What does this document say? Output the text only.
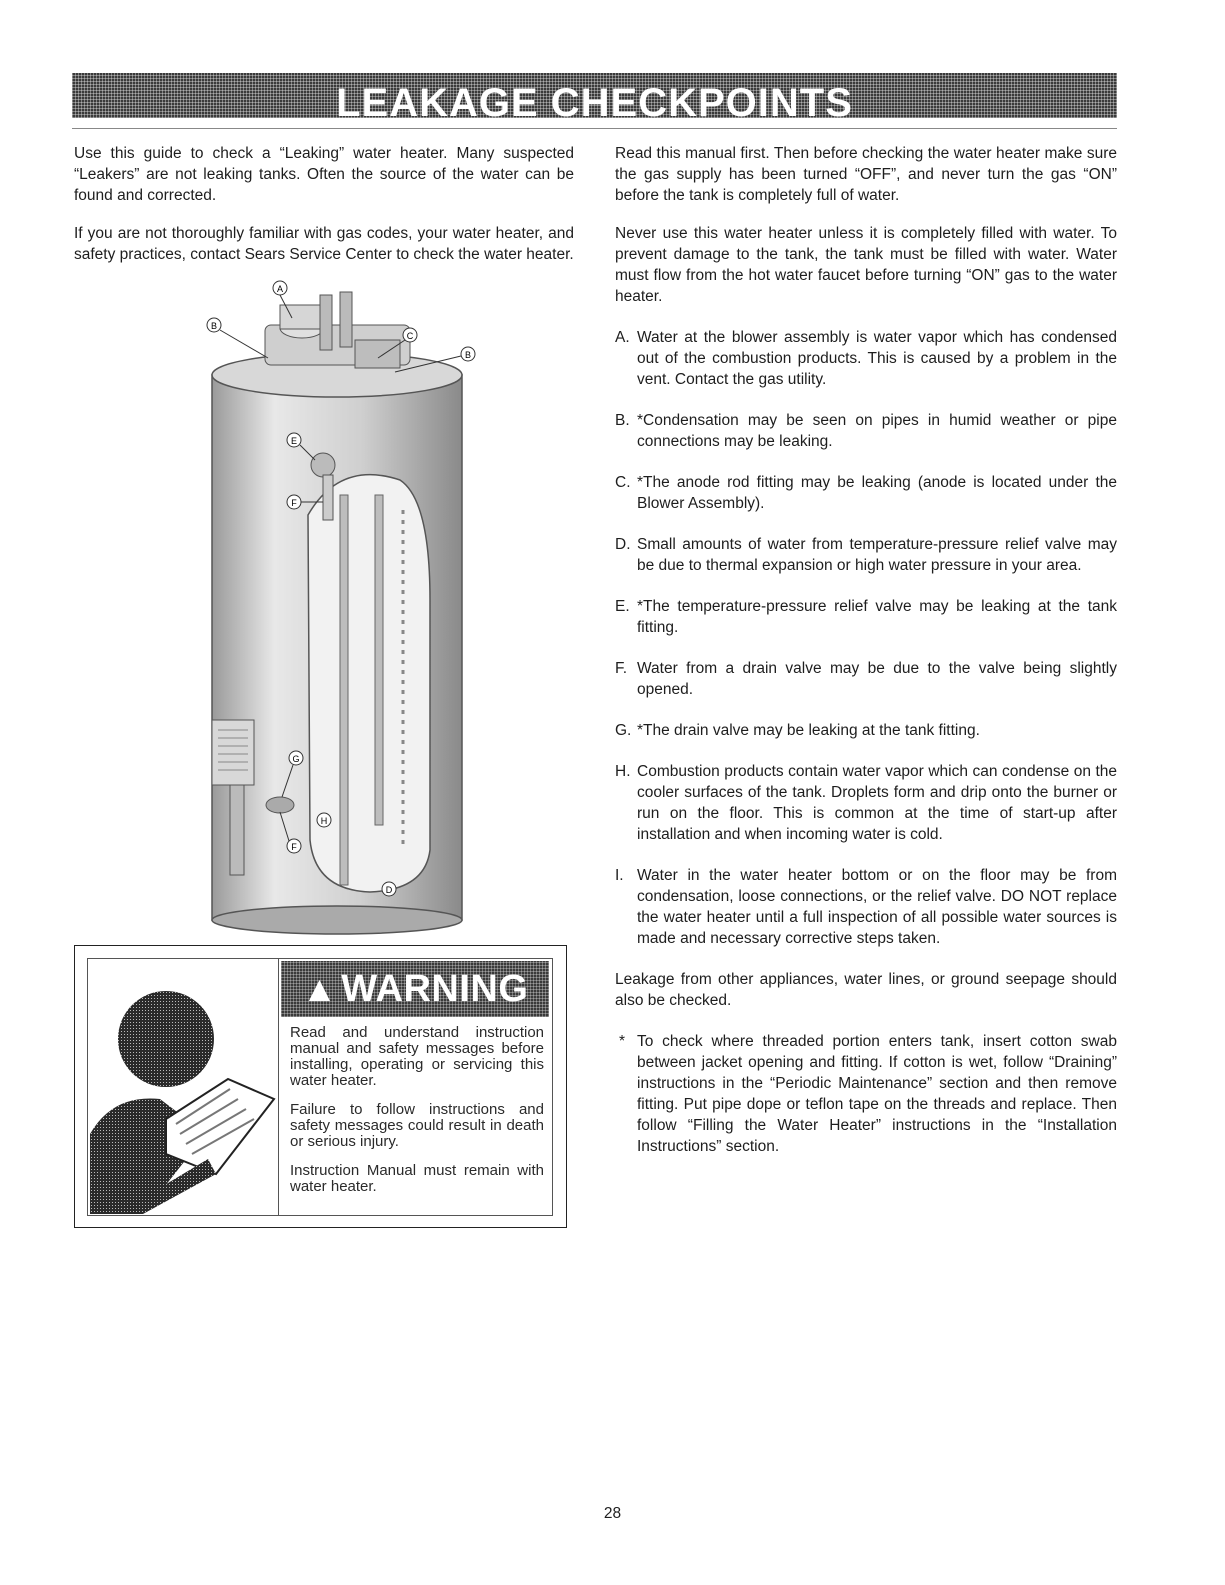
LEAKAGE CHECKPOINTS

Use this guide to check a “Leaking” water heater. Many suspected “Leakers” are not leaking tanks. Often the source of the water can be found and corrected.

If you are not thoroughly familiar with gas codes, your water heater, and safety practices, contact Sears Service Center to check the water heater.

A
B
C
B
E
F
G
H
F
D
▲ WARNING

Read and understand instruction manual and safety messages before installing, operating or servicing this water heater.

Failure to follow instructions and safety messages could result in death or serious injury.

Instruction Manual must remain with water heater.

Read this manual first. Then before checking the water heater make sure the gas supply has been turned “OFF”, and never turn the gas “ON” before the tank is completely full of water.

Never use this water heater unless it is completely filled with water. To prevent damage to the tank, the tank must be filled with water. Water must flow from the hot water faucet before turning “ON” gas to the water heater.

A. Water at the blower assembly is water vapor which has condensed out of the combustion products. This is caused by a problem in the vent. Contact the gas utility.
B. *Condensation may be seen on pipes in humid weather or pipe connections may be leaking.
C. *The anode rod fitting may be leaking (anode is located under the Blower Assembly).
D. Small amounts of water from temperature-pressure relief valve may be due to thermal expansion or high water pressure in your area.
E. *The temperature-pressure relief valve may be leaking at the tank fitting.
F. Water from a drain valve may be due to the valve being slightly opened.
G. *The drain valve may be leaking at the tank fitting.
H. Combustion products contain water vapor which can condense on the cooler surfaces of the tank. Droplets form and drip onto the burner or run on the floor. This is common at the time of start-up after installation and when incoming water is cold.
I. Water in the water heater bottom or on the floor may be from condensation, loose connections, or the relief valve. DO NOT replace the water heater until a full inspection of all possible water sources is made and necessary corrective steps taken.

Leakage from other appliances, water lines, or ground seepage should also be checked.

* To check where threaded portion enters tank, insert cotton swab between jacket opening and fitting. If cotton is wet, follow “Draining” instructions in the “Periodic Maintenance” section and then remove fitting. Put pipe dope or teflon tape on the threads and replace. Then follow “Filling the Water Heater” instructions in the “Installation Instructions” section.
28
